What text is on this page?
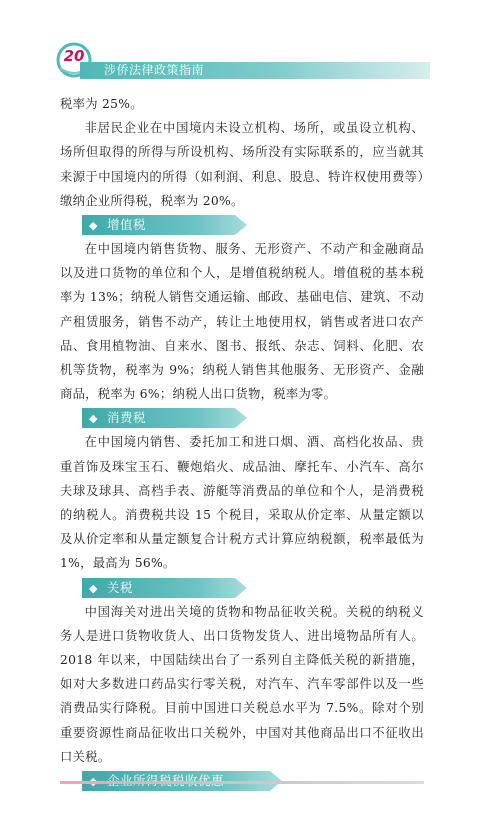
20
涉侨法律政策指南

税率为 25%。

非居民企业在中国境内未设立机构、场所，或虽设立机构、场所但取得的所得与所设机构、场所没有实际联系的，应当就其来源于中国境内的所得（如利润、利息、股息、特许权使用费等）缴纳企业所得税，税率为 20%。

◆ 增值税

在中国境内销售货物、服务、无形资产、不动产和金融商品以及进口货物的单位和个人，是增值税纳税人。增值税的基本税率为 13%；纳税人销售交通运输、邮政、基础电信、建筑、不动产租赁服务，销售不动产，转让土地使用权，销售或者进口农产品、食用植物油、自来水、图书、报纸、杂志、饲料、化肥、农机等货物，税率为 9%；纳税人销售其他服务、无形资产、金融商品，税率为 6%；纳税人出口货物，税率为零。

◆ 消费税

在中国境内销售、委托加工和进口烟、酒、高档化妆品、贵重首饰及珠宝玉石、鞭炮焰火、成品油、摩托车、小汽车、高尔夫球及球具、高档手表、游艇等消费品的单位和个人，是消费税的纳税人。消费税共设 15 个税目，采取从价定率、从量定额以及从价定率和从量定额复合计税方式计算应纳税额，税率最低为 1%，最高为 56%。

◆ 关税

中国海关对进出关境的货物和物品征收关税。关税的纳税义务人是进口货物收货人、出口货物发货人、进出境物品所有人。2018 年以来，中国陆续出台了一系列自主降低关税的新措施，如对大多数进口药品实行零关税，对汽车、汽车零部件以及一些消费品实行降税。目前中国进口关税总水平为 7.5%。除对个别重要资源性商品征收出口关税外，中国对其他商品出口不征收出口关税。
